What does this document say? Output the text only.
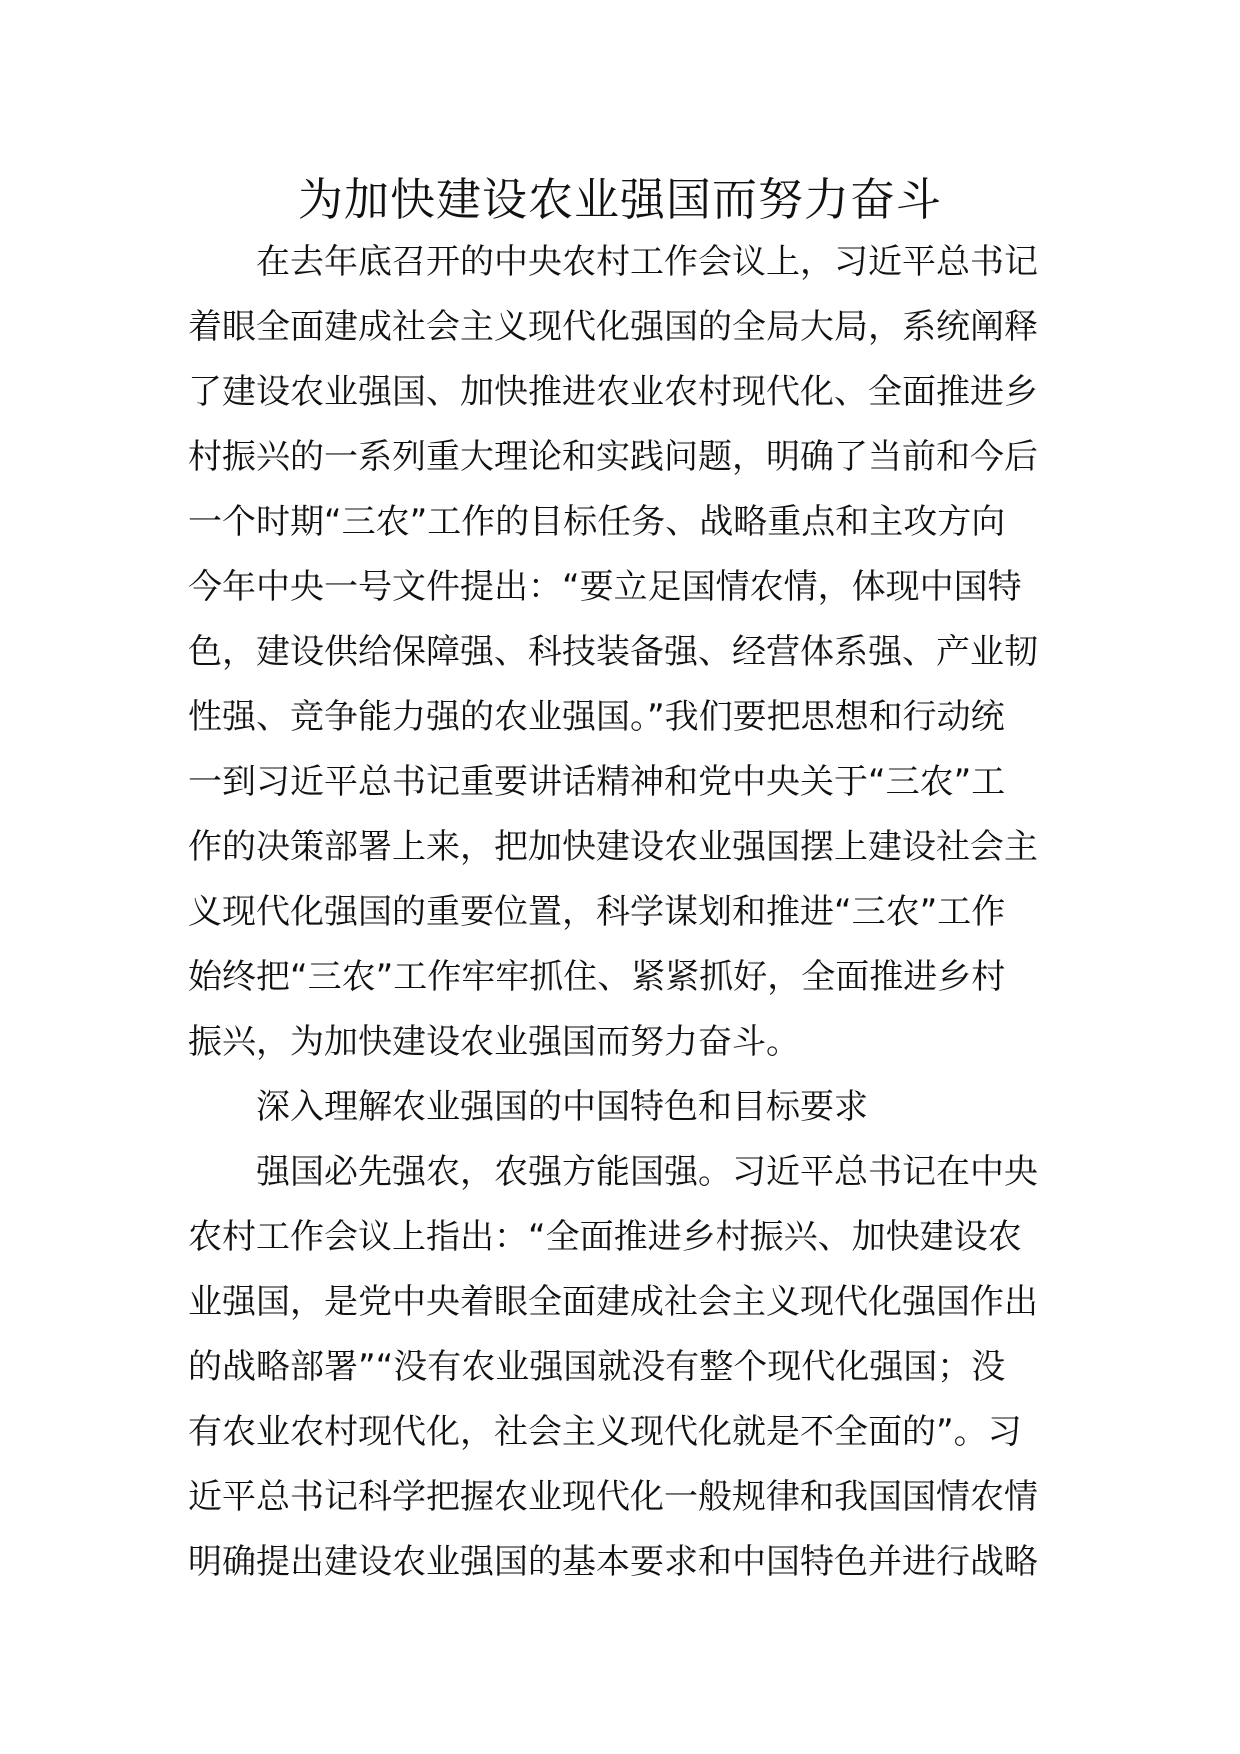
为加快建设农业强国而努力奋斗
在去年底召开的中央农村工作会议上，习近平总书记
着眼全面建成社会主义现代化强国的全局大局，系统阐释
了建设农业强国、加快推进农业农村现代化、全面推进乡
村振兴的一系列重大理论和实践问题，明确了当前和今后
一个时期“三农”工作的目标任务、战略重点和主攻方向
今年中央一号文件提出：“要立足国情农情，体现中国特
色，建设供给保障强、科技装备强、经营体系强、产业韧
性强、竞争能力强的农业强国。”我们要把思想和行动统
一到习近平总书记重要讲话精神和党中央关于“三农”工
作的决策部署上来，把加快建设农业强国摆上建设社会主
义现代化强国的重要位置，科学谋划和推进“三农”工作
始终把“三农”工作牢牢抓住、紧紧抓好，全面推进乡村
振兴，为加快建设农业强国而努力奋斗。
深入理解农业强国的中国特色和目标要求
强国必先强农，农强方能国强。习近平总书记在中央
农村工作会议上指出：“全面推进乡村振兴、加快建设农
业强国，是党中央着眼全面建成社会主义现代化强国作出
的战略部署”“没有农业强国就没有整个现代化强国；没
有农业农村现代化，社会主义现代化就是不全面的”。习
近平总书记科学把握农业现代化一般规律和我国国情农情
明确提出建设农业强国的基本要求和中国特色并进行战略
